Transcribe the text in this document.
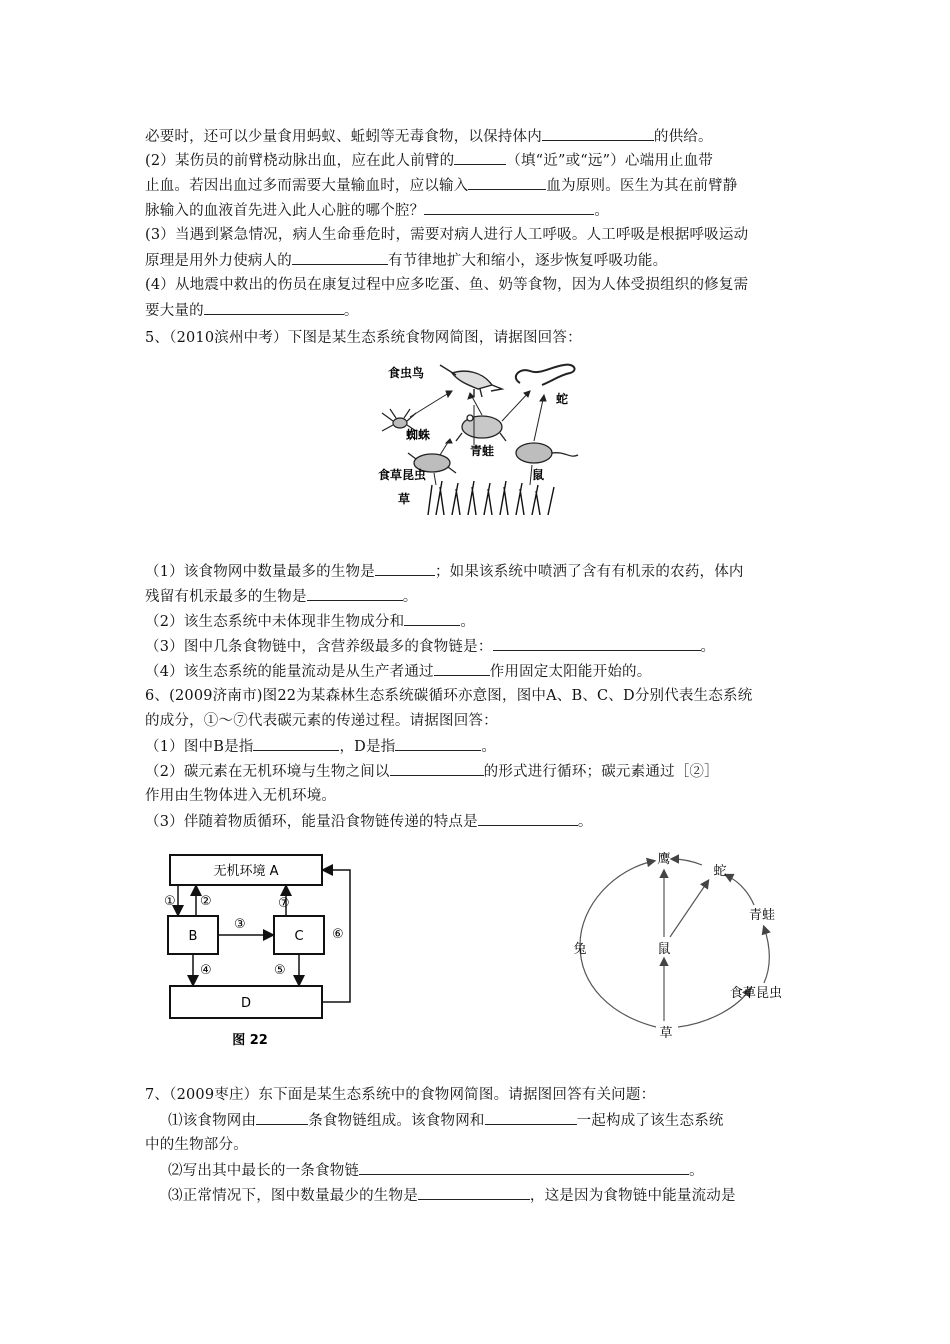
必要时，还可以少量食用蚂蚁、蚯蚓等无毒食物，以保持体内	的供给。
(2）某伤员的前臂桡动脉出血，应在此人前臂的	（填“近”或“远”）心端用止血带
止血。若因出血过多而需要大量输血时，应以输入	血为原则。医生为其在前臂静
脉输入的血液首先进入此人心脏的哪个腔？	。
(3）当遇到紧急情况，病人生命垂危时，需要对病人进行人工呼吸。人工呼吸是根据呼吸运动
原理是用外力使病人的	有节律地扩大和缩小，逐步恢复呼吸功能。
(4）从地震中救出的伤员在康复过程中应多吃蛋、鱼、奶等食物，因为人体受损组织的修复需
要大量的	。
5、（2010滨州中考）下图是某生态系统食物网简图，请据图回答：
食虫鸟
蛇
蜘蛛
青蛙
食草昆虫	鼠
草
（1）该食物网中数量最多的生物是	；如果该系统中喷洒了含有有机汞的农药，体内
残留有机汞最多的生物是	。
（2）该生态系统中未体现非生物成分和	。
（3）图中几条食物链中，含营养级最多的食物链是：	。
（4）该生态系统的能量流动是从生产者通过	作用固定太阳能开始的。
6、(2009济南市)图22为某森林生态系统碳循环亦意图，图中A、B、C、D分别代表生态系统
的成分，①～⑦代表碳元素的传递过程。请据图回答：
（1）图中B是指	，D是指	。
（2）碳元素在无机环境与生物之间以	的形式进行循环；碳元素通过［②］
作用由生物体进入无机环境。
（3）伴随着物质循环，能量沿食物链传递的特点是	。
无机环境 A
B	C
D
① ②
③
④	⑤
⑥
⑦
图 22
鹰
蛇
青蛙
食草昆虫
草
兔	鼠
7、（2009枣庄）东下面是某生态系统中的食物网简图。请据图回答有关问题：
⑴该食物网由	条食物链组成。该食物网和	一起构成了该生态系统
中的生物部分。
⑵写出其中最长的一条食物链	。
⑶正常情况下，图中数量最少的生物是	，这是因为食物链中能量流动是
